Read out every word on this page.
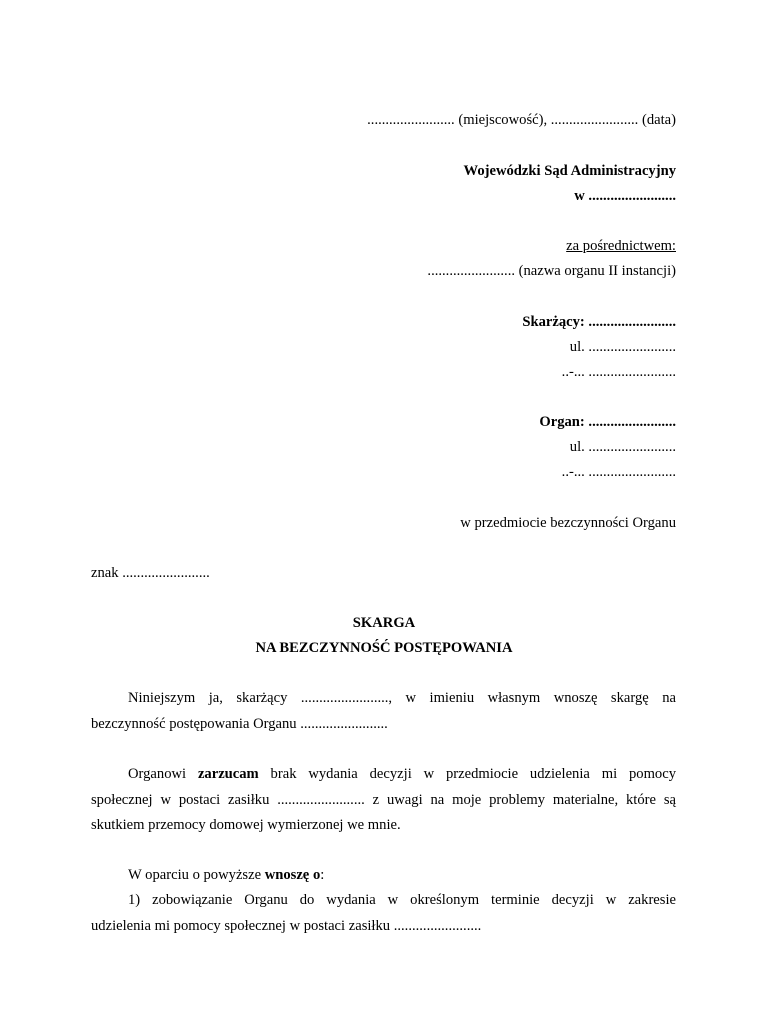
........................ (miejscowość), ........................ (data)
Wojewódzki Sąd Administracyjny
w ........................
za pośrednictwem:
........................ (nazwa organu II instancji)
Skarżący: ........................
ul. ........................
..-... ........................
Organ: ........................
ul. ........................
..-... ........................
w przedmiocie bezczynności Organu
znak ........................
SKARGA
NA BEZCZYNNOŚĆ POSTĘPOWANIA
Niniejszym ja, skarżący ........................, w imieniu własnym wnoszę skargę na
bezczynność postępowania Organu ........................
Organowi zarzucam brak wydania decyzji w przedmiocie udzielenia mi pomocy
społecznej w postaci zasiłku ........................ z uwagi na moje problemy materialne, które są
skutkiem przemocy domowej wymierzonej we mnie.
W oparciu o powyższe wnoszę o:
1) zobowiązanie Organu do wydania w określonym terminie decyzji w zakresie
udzielenia mi pomocy społecznej w postaci zasiłku ........................
